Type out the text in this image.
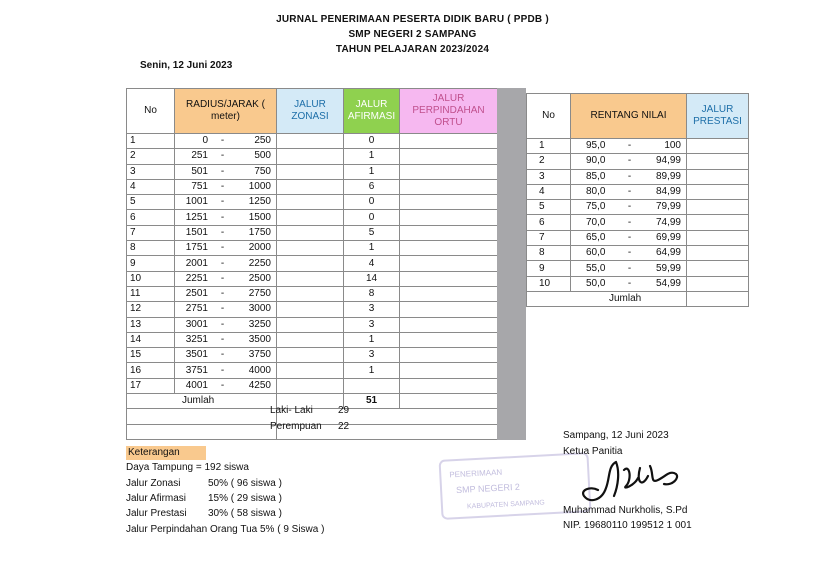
JURNAL PENERIMAAN PESERTA DIDIK BARU ( PPDB )
SMP NEGERI 2 SAMPANG
TAHUN PELAJARAN 2023/2024
Senin, 12 Juni 2023
No	RADIUS/JARAK ( meter)	JALUR ZONASI	JALUR AFIRMASI	JALUR PERPINDAHAN ORTU
1	0 - 250		0	
2	251 - 500		1	
3	501 - 750		1	
4	751 - 1000		6	
5	1001 - 1250		0	
6	1251 - 1500		0	
7	1501 - 1750		5	
8	1751 - 2000		1	
9	2001 - 2250		4	
10	2251 - 2500		14	
11	2501 - 2750		8	
12	2751 - 3000		3	
13	3001 - 3250		3	
14	3251 - 3500		1	
15	3501 - 3750		3	
16	3751 - 4000		1	
17	4001 - 4250			

Jumlah			51	

Laki- Laki	29
Perempuan 22
No	RENTANG NILAI	JALUR PRESTASI
1	95,0 - 100	

2	90,0 - 94,99	

3	85,0 - 89,99	

4	80,0 - 84,99	

5	75,0 - 79,99	

6	70,0 - 74,99	

7	65,0 - 69,99	

8	60,0 - 64,99	

9	55,0 - 59,99	

10	50,0 - 54,99	

Jumlah		
Keterangan
Daya Tampung = 192 siswa
Jalur Zonasi	50% ( 96 siswa )
Jalur Afirmasi 15% ( 29 siswa )
Jalur Prestasi 30% ( 58 siswa )
Jalur Perpindahan Orang Tua 5% ( 9 Siswa )
PENERIMAAN
SMP NEGERI 2
KABUPATEN SAMPANG
Sampang, 12 Juni 2023
Ketua Panitia
Muhammad Nurkholis, S.Pd
NIP. 19680110 199512 1 001
